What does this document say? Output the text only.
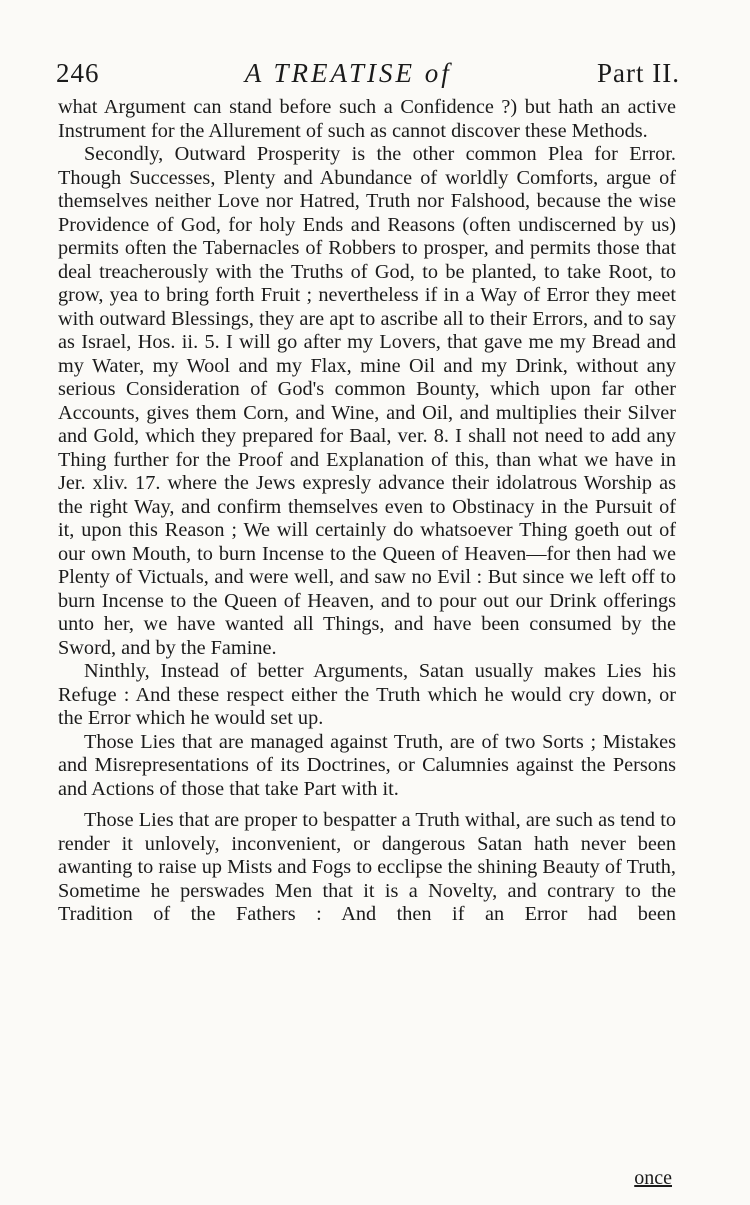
246	A TREATISE of	Part II.

what Argument can stand before such a Confidence ?) but hath an active Instrument for the Allurement of such as cannot discover these Methods.

Secondly, Outward Prosperity is the other common Plea for Error. Though Successes, Plenty and Abundance of worldly Comforts, argue of themselves neither Love nor Hatred, Truth nor Falshood, because the wise Providence of God, for holy Ends and Reasons (often undiscerned by us) permits often the Tabernacles of Robbers to prosper, and permits those that deal treacherously with the Truths of God, to be planted, to take Root, to grow, yea to bring forth Fruit ; nevertheless if in a Way of Error they meet with outward Blessings, they are apt to ascribe all to their Errors, and to say as Israel, Hos. ii. 5. I will go after my Lovers, that gave me my Bread and my Water, my Wool and my Flax, mine Oil and my Drink, without any serious Consideration of God's common Bounty, which upon far other Accounts, gives them Corn, and Wine, and Oil, and multiplies their Silver and Gold, which they prepared for Baal, ver. 8. I shall not need to add any Thing further for the Proof and Explanation of this, than what we have in Jer. xliv. 17. where the Jews expresly advance their idolatrous Worship as the right Way, and confirm themselves even to Obstinacy in the Pursuit of it, upon this Reason ; We will certainly do whatsoever Thing goeth out of our own Mouth, to burn Incense to the Queen of Heaven—for then had we Plenty of Victuals, and were well, and saw no Evil : But since we left off to burn Incense to the Queen of Heaven, and to pour out our Drink offerings unto her, we have wanted all Things, and have been consumed by the Sword, and by the Famine.

Ninthly, Instead of better Arguments, Satan usually makes Lies his Refuge : And these respect either the Truth which he would cry down, or the Error which he would set up.

Those Lies that are managed against Truth, are of two Sorts ; Mistakes and Misrepresentations of its Doctrines, or Calumnies against the Persons and Actions of those that take Part with it.

Those Lies that are proper to bespatter a Truth withal, are such as tend to render it unlovely, inconvenient, or dangerous Satan hath never been awanting to raise up Mists and Fogs to ecclipse the shining Beauty of Truth, Sometime he perswades Men that it is a Novelty, and contrary to the Tradition of the Fathers : And then if an Error had been

once
